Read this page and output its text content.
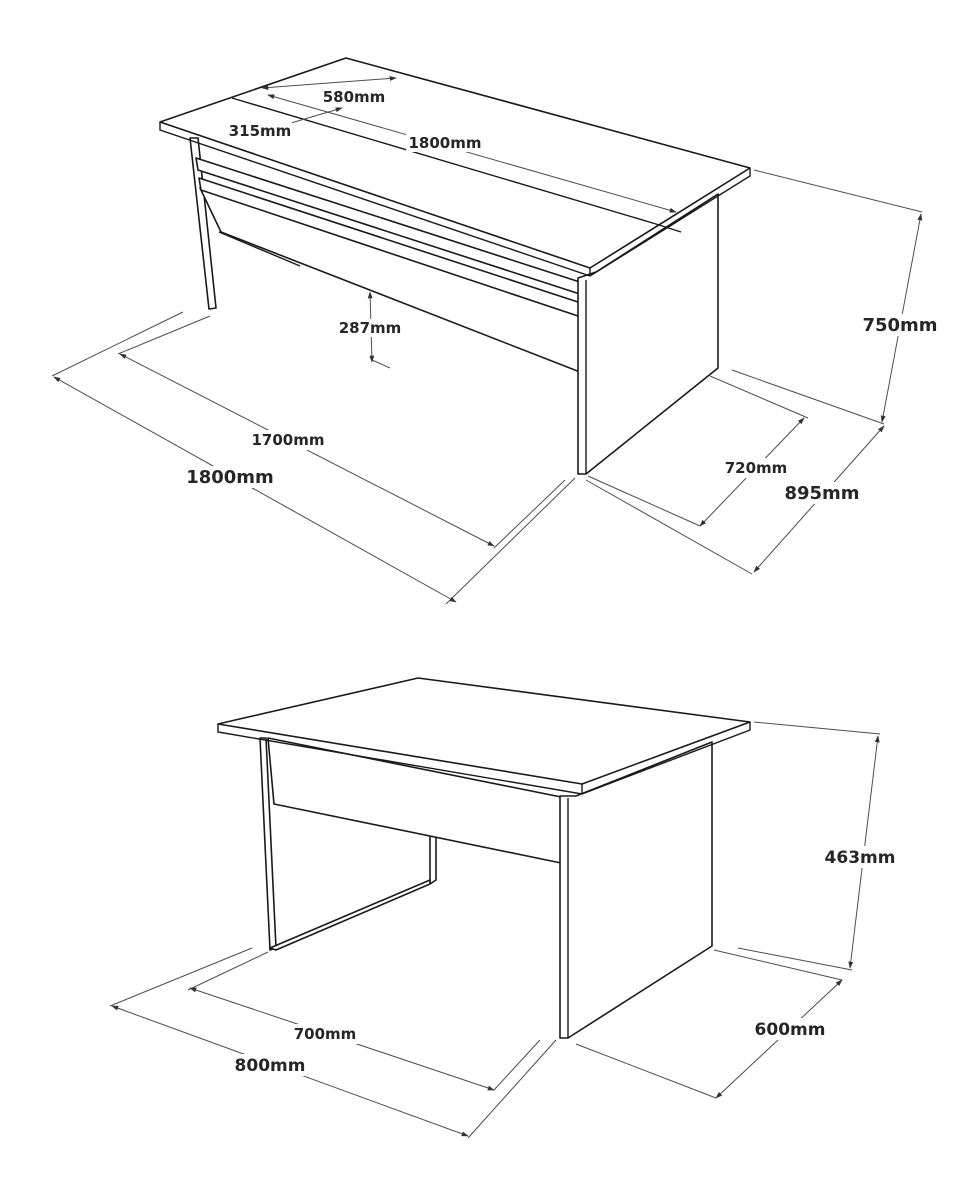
580mm
315mm
1800mm
750mm
287mm
1700mm
1800mm	720mm
895mm
463mm
600mm
700mm
800mm
